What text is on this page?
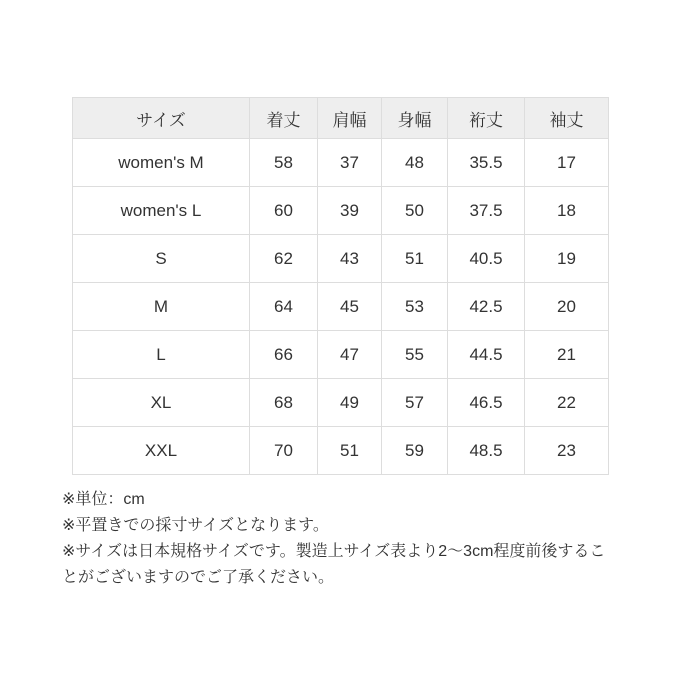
サイズ	着丈	肩幅	身幅	裄丈	袖丈
women's M	58	37	48	35.5	17
women's L	60	39	50	37.5	18
S	62	43	51	40.5	19
M	64	45	53	42.5	20
L	66	47	55	44.5	21
XL	68	49	57	46.5	22
XXL	70	51	59	48.5	23

※単位：cm

※平置きでの採寸サイズとなります。

※サイズは日本規格サイズです。製造上サイズ表より2～3cm程度前後することがございますのでご了承ください。
